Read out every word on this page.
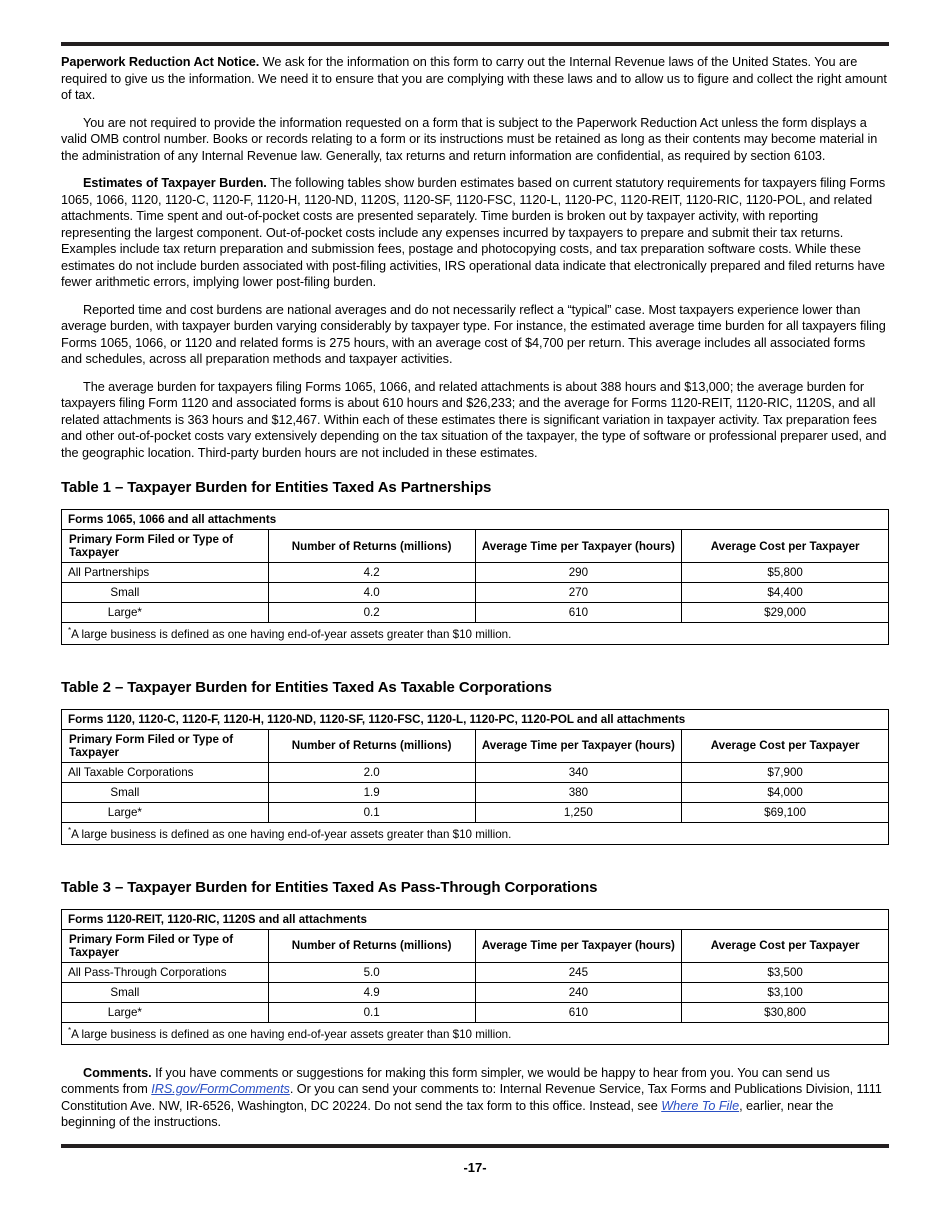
Paperwork Reduction Act Notice. We ask for the information on this form to carry out the Internal Revenue laws of the United States. You are required to give us the information. We need it to ensure that you are complying with these laws and to allow us to figure and collect the right amount of tax.

You are not required to provide the information requested on a form that is subject to the Paperwork Reduction Act unless the form displays a valid OMB control number. Books or records relating to a form or its instructions must be retained as long as their contents may become material in the administration of any Internal Revenue law. Generally, tax returns and return information are confidential, as required by section 6103.

Estimates of Taxpayer Burden. The following tables show burden estimates based on current statutory requirements for taxpayers filing Forms 1065, 1066, 1120, 1120-C, 1120-F, 1120-H, 1120-ND, 1120S, 1120-SF, 1120-FSC, 1120-L, 1120-PC, 1120-REIT, 1120-RIC, 1120-POL, and related attachments. Time spent and out-of-pocket costs are presented separately. Time burden is broken out by taxpayer activity, with reporting representing the largest component. Out-of-pocket costs include any expenses incurred by taxpayers to prepare and submit their tax returns. Examples include tax return preparation and submission fees, postage and photocopying costs, and tax preparation software costs. While these estimates do not include burden associated with post-filing activities, IRS operational data indicate that electronically prepared and filed returns have fewer arithmetic errors, implying lower post-filing burden.

Reported time and cost burdens are national averages and do not necessarily reflect a “typical” case. Most taxpayers experience lower than average burden, with taxpayer burden varying considerably by taxpayer type. For instance, the estimated average time burden for all taxpayers filing Forms 1065, 1066, or 1120 and related forms is 275 hours, with an average cost of $4,700 per return. This average includes all associated forms and schedules, across all preparation methods and taxpayer activities.

The average burden for taxpayers filing Forms 1065, 1066, and related attachments is about 388 hours and $13,000; the average burden for taxpayers filing Form 1120 and associated forms is about 610 hours and $26,233; and the average for Forms 1120-REIT, 1120-RIC, 1120S, and all related attachments is 363 hours and $12,467. Within each of these estimates there is significant variation in taxpayer activity. Tax preparation fees and other out-of-pocket costs vary extensively depending on the tax situation of the taxpayer, the type of software or professional preparer used, and the geographic location. Third-party burden hours are not included in these estimates.

Table 1 – Taxpayer Burden for Entities Taxed As Partnerships
Forms 1065, 1066 and all attachments			
Primary Form Filed or Type of Taxpayer	Number of Returns (millions)	Average Time per Taxpayer (hours)	Average Cost per Taxpayer
All Partnerships	4.2	290	$5,800
Small	4.0	270	$4,400
Large*	0.2	610	$29,000
*A large business is defined as one having end-of-year assets greater than $10 million.			
Table 2 – Taxpayer Burden for Entities Taxed As Taxable Corporations
Forms 1120, 1120-C, 1120-F, 1120-H, 1120-ND, 1120-SF, 1120-FSC, 1120-L, 1120-PC, 1120-POL and all attachments			
Primary Form Filed or Type of Taxpayer	Number of Returns (millions)	Average Time per Taxpayer (hours)	Average Cost per Taxpayer
All Taxable Corporations	2.0	340	$7,900
Small	1.9	380	$4,000
Large*	0.1	1,250	$69,100
*A large business is defined as one having end-of-year assets greater than $10 million.			
Table 3 – Taxpayer Burden for Entities Taxed As Pass-Through Corporations
Forms 1120-REIT, 1120-RIC, 1120S and all attachments			
Primary Form Filed or Type of Taxpayer	Number of Returns (millions)	Average Time per Taxpayer (hours)	Average Cost per Taxpayer
All Pass-Through Corporations	5.0	245	$3,500
Small	4.9	240	$3,100
Large*	0.1	610	$30,800
*A large business is defined as one having end-of-year assets greater than $10 million.			

Comments. If you have comments or suggestions for making this form simpler, we would be happy to hear from you. You can send us comments from IRS.gov/FormComments. Or you can send your comments to: Internal Revenue Service, Tax Forms and Publications Division, 1111 Constitution Ave. NW, IR-6526, Washington, DC 20224. Do not send the tax form to this office. Instead, see Where To File, earlier, near the beginning of the instructions.

-17-
